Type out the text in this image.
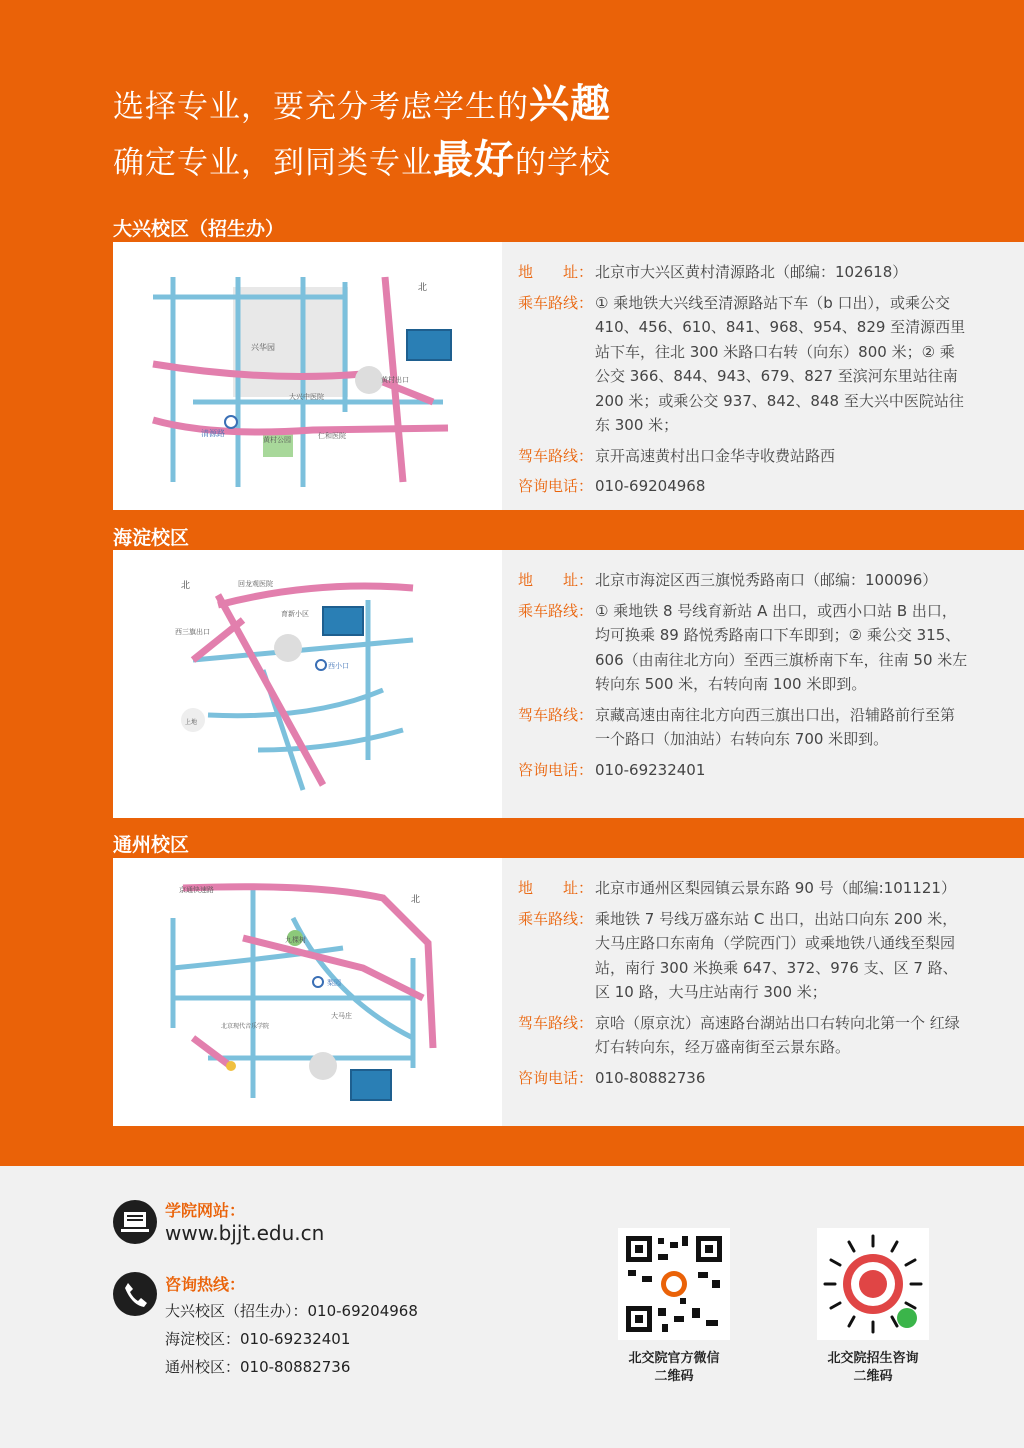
选择专业，要充分考虑学生的兴趣
确定专业，到同类专业最好的学校
大兴校区（招生办）
北
兴华园
黄村出口
大兴中医院
仁和医院
黄村公园
清源路
地　　址： 北京市大兴区黄村清源路北（邮编：102618）
乘车路线： ① 乘地铁大兴线至清源路站下车（b 口出），或乘公交 410、456、610、841、968、954、829 至清源西里站下车，往北 300 米路口右转（向东）800 米；② 乘公交 366、844、943、679、827 至滨河东里站往南 200 米；或乘公交 937、842、848 至大兴中医院站往东 300 米；
驾车路线： 京开高速黄村出口金华寺收费站路西
咨询电话： 010-69204968
海淀校区
北	回龙观医院
育新小区
西三旗出口
西小口
上地
地　　址： 北京市海淀区西三旗悦秀路南口（邮编：100096）
乘车路线： ① 乘地铁 8 号线育新站 A 出口，或西小口站 B 出口，均可换乘 89 路悦秀路南口下车即到；② 乘公交 315、606（由南往北方向）至西三旗桥南下车，往南 50 米左转向东 500 米，右转向南 100 米即到。
驾车路线： 京藏高速由南往北方向西三旗出口出，沿辅路前行至第一个路口（加油站）右转向东 700 米即到。
咨询电话： 010-69232401
通州校区
北
京通快速路
梨园
九棵树
大马庄
北京现代音乐学院
地　　址： 北京市通州区梨园镇云景东路 90 号（邮编:101121）
乘车路线： 乘地铁 7 号线万盛东站 C 出口，出站口向东 200 米，大马庄路口东南角（学院西门）或乘地铁八通线至梨园站，南行 300 米换乘 647、372、976 支、区 7 路、区 10 路，大马庄站南行 300 米；
驾车路线： 京哈（原京沈）高速路台湖站出口右转向北第一个 红绿灯右转向东，经万盛南街至云景东路。
咨询电话： 010-80882736
学院网站：
www.bjjt.edu.cn
咨询热线：
大兴校区（招生办）：010-69204968
海淀校区：010-69232401
通州校区：010-80882736	北交院官方微信
二维码
北交院招生咨询
二维码
